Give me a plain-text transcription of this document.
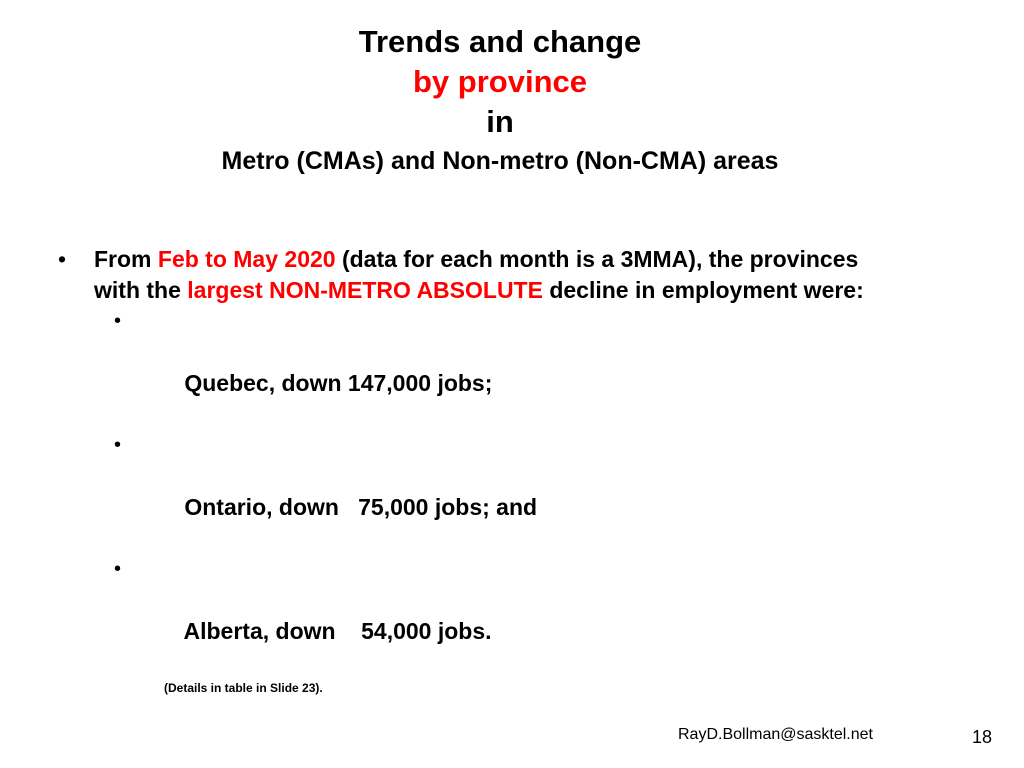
Trends and change
by province
in
Metro (CMAs) and Non-metro (Non-CMA) areas
• From Feb to May 2020 (data for each month is a 3MMA), the provinces with the largest NON-METRO ABSOLUTE decline in employment were:

•

Quebec, down 147,000 jobs;

•

Ontario, down   75,000 jobs; and

•

Alberta, down    54,000 jobs.

(Details in table in Slide 23).
RayD.Bollman@sasktel.net	18
